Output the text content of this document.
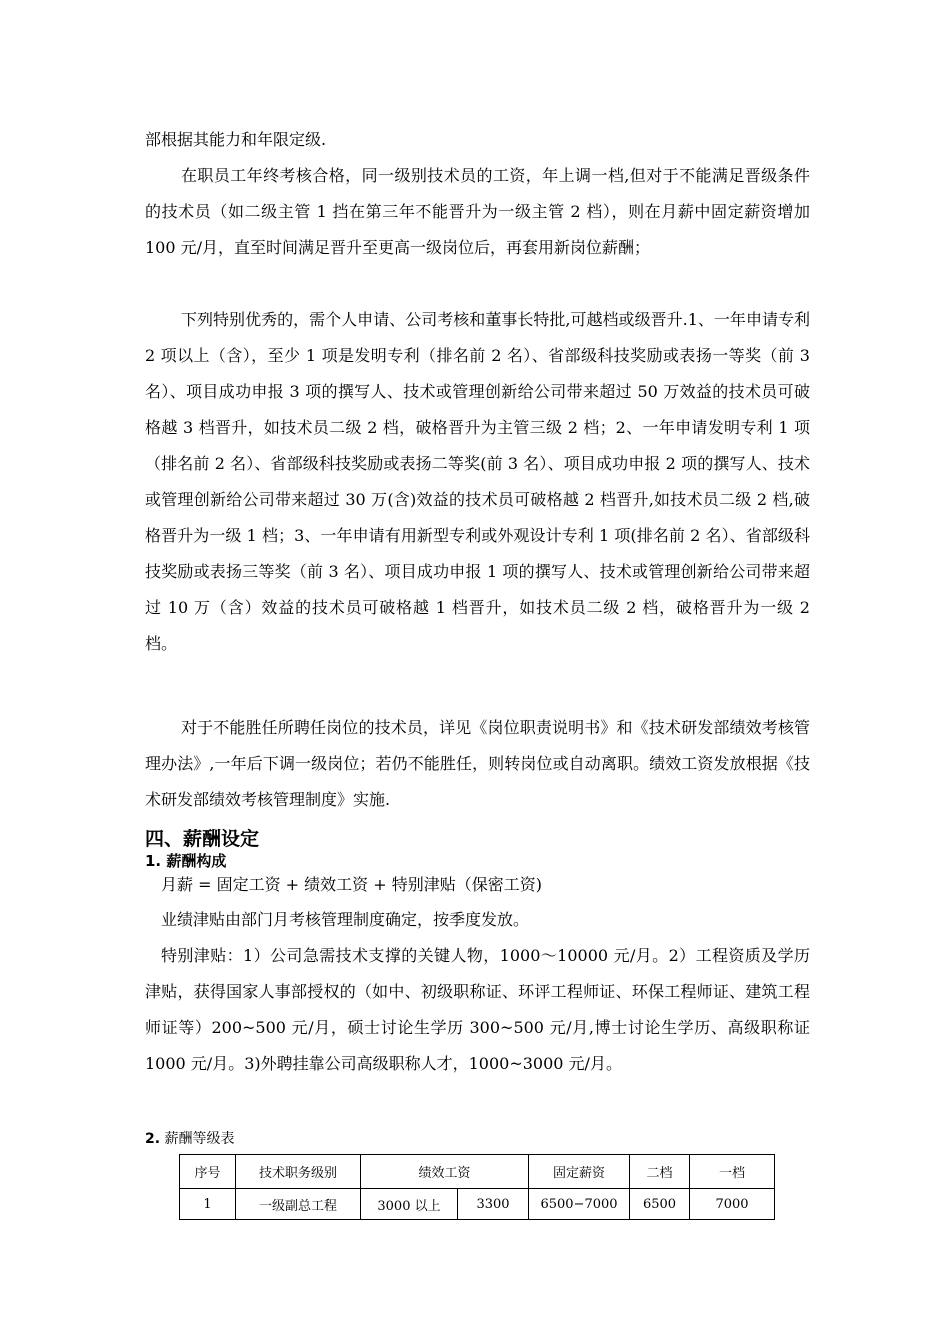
部根据其能力和年限定级.

在职员工年终考核合格，同一级别技术员的工资，年上调一档,但对于不能满足晋级条件的技术员（如二级主管 1 挡在第三年不能晋升为一级主管 2 档），则在月薪中固定薪资增加 100 元/月，直至时间满足晋升至更高一级岗位后，再套用新岗位薪酬；

下列特别优秀的，需个人申请、公司考核和董事长特批,可越档或级晋升.1、一年申请专利 2 项以上（含），至少 1 项是发明专利（排名前 2 名）、省部级科技奖励或表扬一等奖（前 3 名）、项目成功申报 3 项的撰写人、技术或管理创新给公司带来超过 50 万效益的技术员可破格越 3 档晋升，如技术员二级 2 档，破格晋升为主管三级 2 档；2、一年申请发明专利 1 项（排名前 2 名）、省部级科技奖励或表扬二等奖(前 3 名）、项目成功申报 2 项的撰写人、技术或管理创新给公司带来超过 30 万(含)效益的技术员可破格越 2 档晋升,如技术员二级 2 档,破格晋升为一级 1 档；3、一年申请有用新型专利或外观设计专利 1 项(排名前 2 名）、省部级科技奖励或表扬三等奖（前 3 名）、项目成功申报 1 项的撰写人、技术或管理创新给公司带来超过 10 万（含）效益的技术员可破格越 1 档晋升，如技术员二级 2 档，破格晋升为一级 2 档。

对于不能胜任所聘任岗位的技术员，详见《岗位职责说明书》和《技术研发部绩效考核管理办法》,一年后下调一级岗位；若仍不能胜任，则转岗位或自动离职。绩效工资发放根据《技术研发部绩效考核管理制度》实施.

四、薪酬设定
1. 薪酬构成
月薪 = 固定工资 + 绩效工资 + 特别津贴（保密工资)
业绩津贴由部门月考核管理制度确定，按季度发放。
特别津贴：1）公司急需技术支撑的关键人物，1000～10000 元/月。2）工程资质及学历津贴，获得国家人事部授权的（如中、初级职称证、环评工程师证、环保工程师证、建筑工程师证等）200~500 元/月，硕士讨论生学历 300~500 元/月,博士讨论生学历、高级职称证 1000 元/月。3)外聘挂靠公司高级职称人才，1000~3000 元/月。
2. 薪酬等级表
序号	技术职务级别	绩效工资		固定薪资	二档	一档
1	一级副总工程	3000 以上	3300	6500−7000	6500	7000
